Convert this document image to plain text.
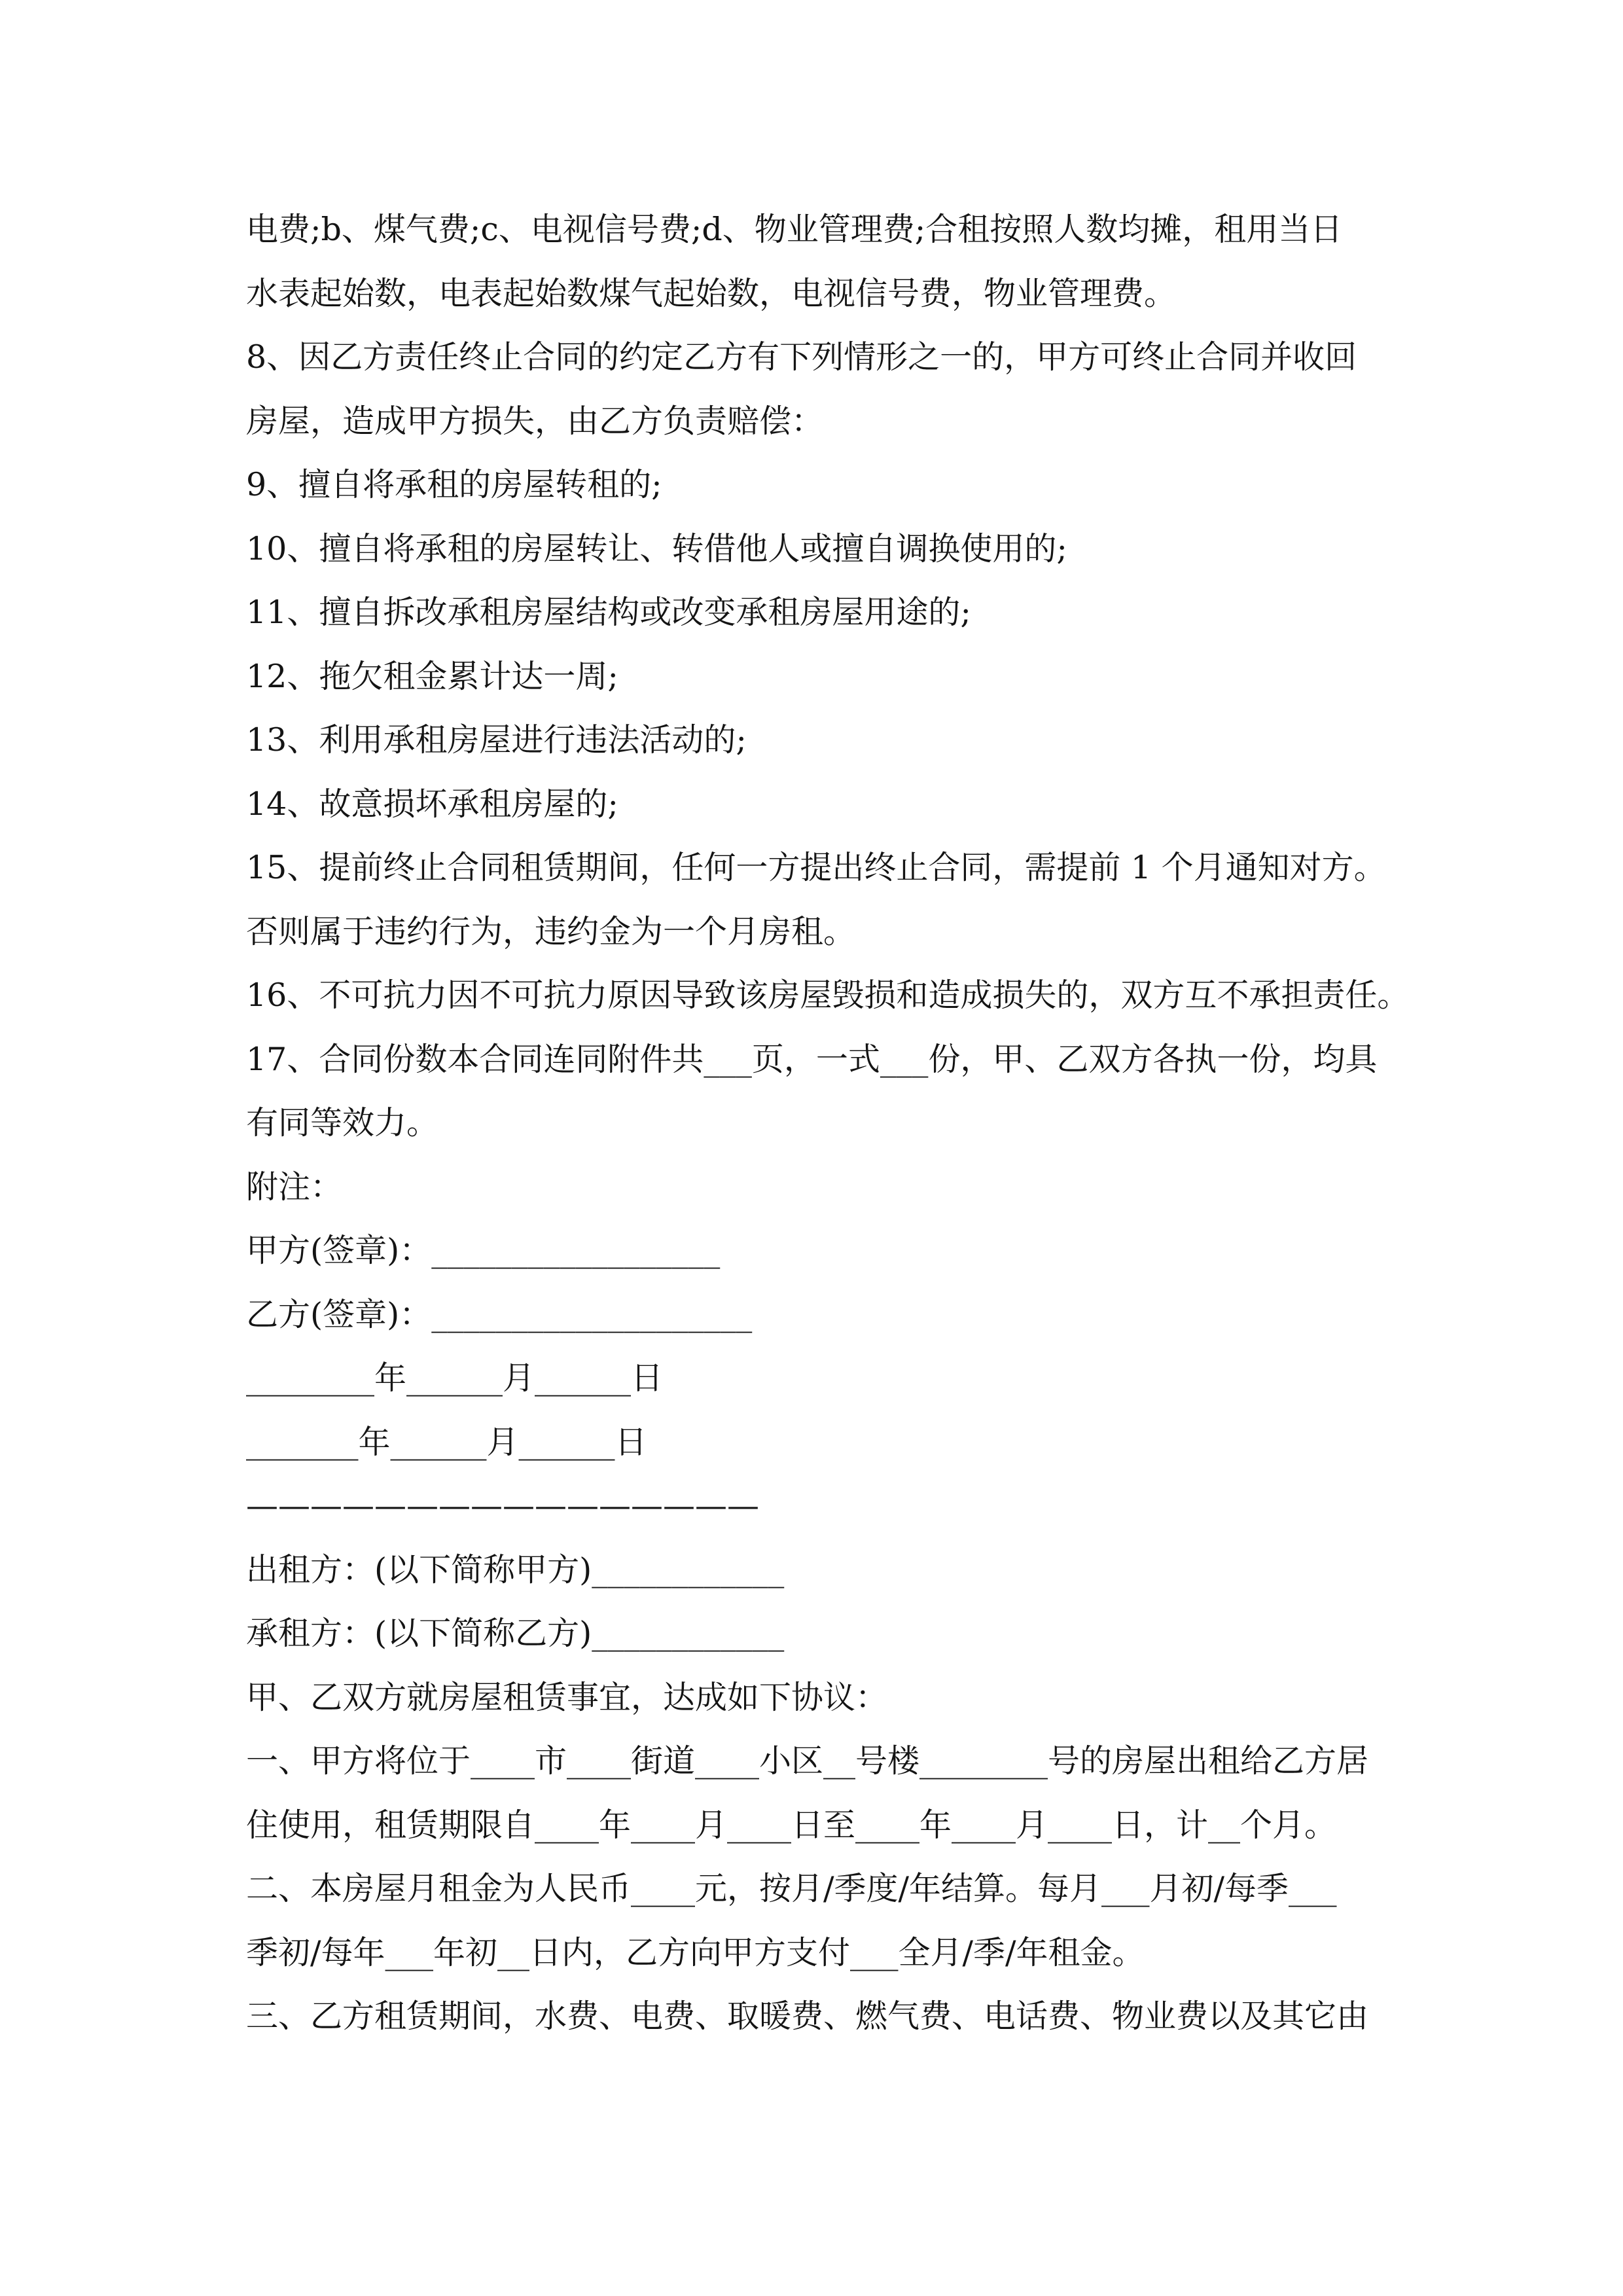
电费;b、煤气费;c、电视信号费;d、物业管理费;合租按照人数均摊，租用当日
水表起始数，电表起始数煤气起始数，电视信号费，物业管理费。
8、因乙方责任终止合同的约定乙方有下列情形之一的，甲方可终止合同并收回
房屋，造成甲方损失，由乙方负责赔偿：
9、擅自将承租的房屋转租的;
10、擅自将承租的房屋转让、转借他人或擅自调换使用的;
11、擅自拆改承租房屋结构或改变承租房屋用途的;
12、拖欠租金累计达一周;
13、利用承租房屋进行违法活动的;
14、故意损坏承租房屋的;
15、提前终止合同租赁期间，任何一方提出终止合同，需提前 1 个月通知对方。
否则属于违约行为，违约金为一个月房租。
16、不可抗力因不可抗力原因导致该房屋毁损和造成损失的，双方互不承担责任。
17、合同份数本合同连同附件共___页，一式___份，甲、乙双方各执一份，均具
有同等效力。
附注：
甲方(签章)：__________________
乙方(签章)：____________________
________年______月______日
_______年______月______日
————————————————
出租方：(以下简称甲方)____________
承租方：(以下简称乙方)____________
甲、乙双方就房屋租赁事宜，达成如下协议：
一、甲方将位于____市____街道____小区__号楼________号的房屋出租给乙方居
住使用，租赁期限自____年____月____日至____年____月____日，计__个月。
二、本房屋月租金为人民币____元，按月/季度/年结算。每月___月初/每季___
季初/每年___年初__日内，乙方向甲方支付___全月/季/年租金。
三、乙方租赁期间，水费、电费、取暖费、燃气费、电话费、物业费以及其它由
